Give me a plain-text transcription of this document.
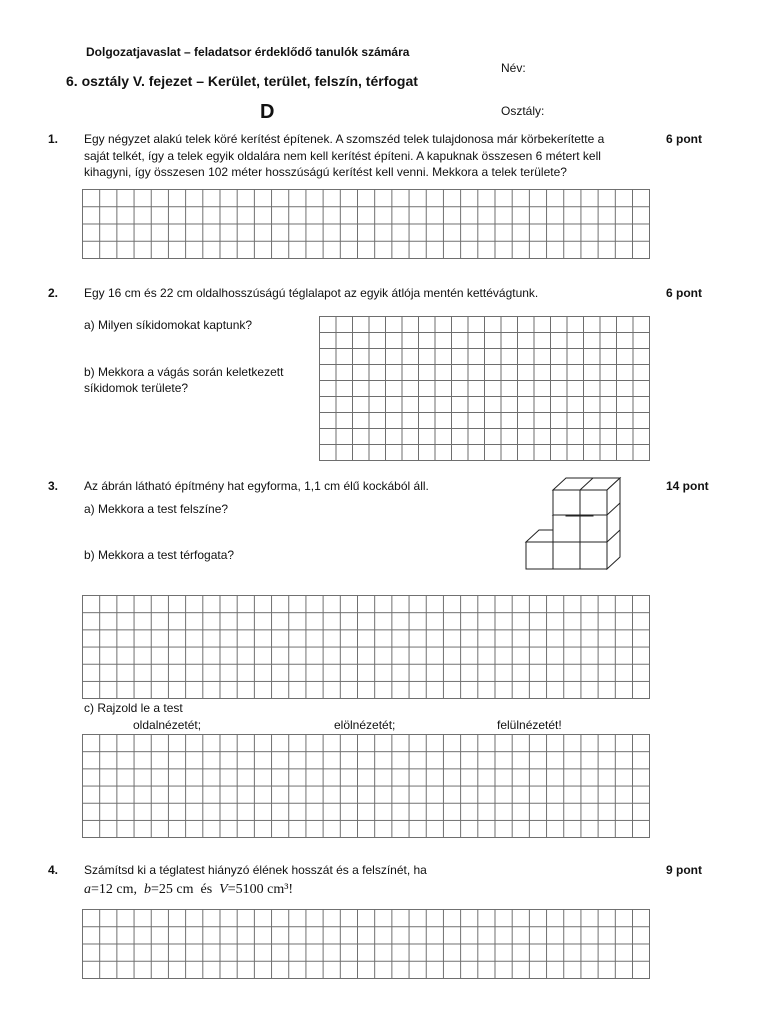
Dolgozatjavaslat – feladatsor érdeklődő tanulók számára
6. osztály V. fejezet – Kerület, terület, felszín, térfogat
Név:
D	Osztály:
1. Egy négyzet alakú telek köré kerítést építenek. A szomszéd telek tulajdonosa már körbekerítette a
saját telkét, így a telek egyik oldalára nem kell kerítést építeni. A kapuknak összesen 6 métert kell
kihagyni, így összesen 102 méter hosszúságú kerítést kell venni. Mekkora a telek területe?
6 pont
2. Egy 16 cm és 22 cm oldalhosszúságú téglalapot az egyik átlója mentén kettévágtunk.	6 pont
a) Milyen síkidomokat kaptunk?
b) Mekkora a vágás során keletkezett
síkidomok területe?
3. Az ábrán látható építmény hat egyforma, 1,1 cm élű kockából áll.	14 pont
a) Mekkora a test felszíne?
b) Mekkora a test térfogata?
c) Rajzold le a test
oldalnézetét;	elölnézetét;	felülnézetét!
4. Számítsd ki a téglatest hiányzó élének hosszát és a felszínét, ha	9 pont
a=12 cm, b=25 cm és V=5100 cm³!
